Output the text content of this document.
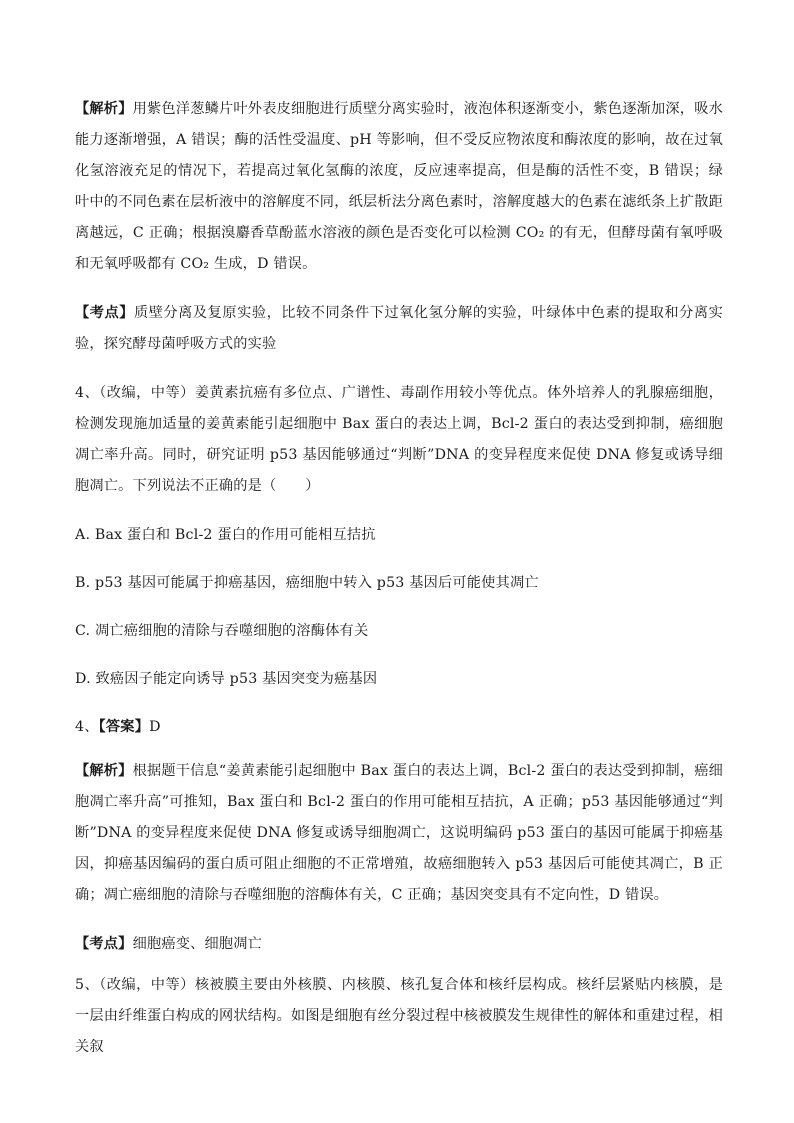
【解析】用紫色洋葱鳞片叶外表皮细胞进行质壁分离实验时，液泡体积逐渐变小，紫色逐渐加深，吸水能力逐渐增强，A 错误；酶的活性受温度、pH 等影响，但不受反应物浓度和酶浓度的影响，故在过氧化氢溶液充足的情况下，若提高过氧化氢酶的浓度，反应速率提高，但是酶的活性不变，B 错误；绿叶中的不同色素在层析液中的溶解度不同，纸层析法分离色素时，溶解度越大的色素在滤纸条上扩散距离越远，C 正确；根据溴麝香草酚蓝水溶液的颜色是否变化可以检测 CO₂ 的有无，但酵母菌有氧呼吸和无氧呼吸都有 CO₂ 生成，D 错误。

【考点】质壁分离及复原实验，比较不同条件下过氧化氢分解的实验，叶绿体中色素的提取和分离实验，探究酵母菌呼吸方式的实验

4、（改编，中等）姜黄素抗癌有多位点、广谱性、毒副作用较小等优点。体外培养人的乳腺癌细胞，检测发现施加适量的姜黄素能引起细胞中 Bax 蛋白的表达上调，Bcl-2 蛋白的表达受到抑制，癌细胞凋亡率升高。同时，研究证明 p53 基因能够通过“判断”DNA 的变异程度来促使 DNA 修复或诱导细胞凋亡。下列说法不正确的是（　　）

A. Bax 蛋白和 Bcl-2 蛋白的作用可能相互拮抗

B. p53 基因可能属于抑癌基因，癌细胞中转入 p53 基因后可能使其凋亡

C. 凋亡癌细胞的清除与吞噬细胞的溶酶体有关

D. 致癌因子能定向诱导 p53 基因突变为癌基因

4、【答案】D

【解析】根据题干信息“姜黄素能引起细胞中 Bax 蛋白的表达上调，Bcl-2 蛋白的表达受到抑制，癌细胞凋亡率升高”可推知，Bax 蛋白和 Bcl-2 蛋白的作用可能相互拮抗，A 正确；p53 基因能够通过“判断”DNA 的变异程度来促使 DNA 修复或诱导细胞凋亡，这说明编码 p53 蛋白的基因可能属于抑癌基因，抑癌基因编码的蛋白质可阻止细胞的不正常增殖，故癌细胞转入 p53 基因后可能使其凋亡，B 正确；凋亡癌细胞的清除与吞噬细胞的溶酶体有关，C 正确；基因突变具有不定向性，D 错误。

【考点】细胞癌变、细胞凋亡

5、（改编，中等）核被膜主要由外核膜、内核膜、核孔复合体和核纤层构成。核纤层紧贴内核膜，是一层由纤维蛋白构成的网状结构。如图是细胞有丝分裂过程中核被膜发生规律性的解体和重建过程，相关叙
